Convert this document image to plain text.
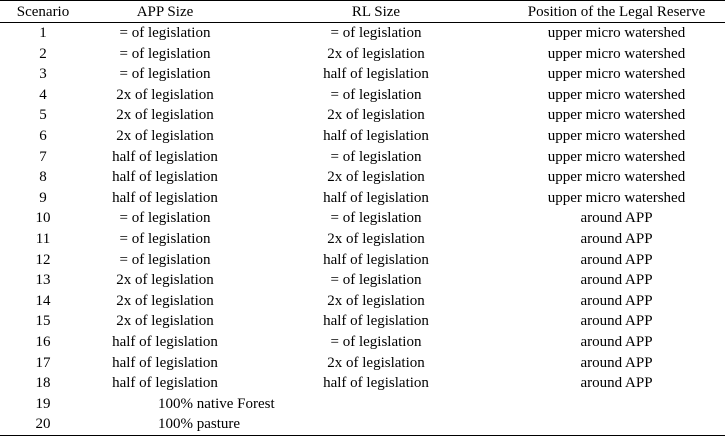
Scenario	APP Size	RL Size	Position of the Legal Reserve
1	= of legislation	= of legislation	upper micro watershed
2	= of legislation	2x of legislation	upper micro watershed
3	= of legislation	half of legislation	upper micro watershed
4	2x of legislation	= of legislation	upper micro watershed
5	2x of legislation	2x of legislation	upper micro watershed
6	2x of legislation	half of legislation	upper micro watershed
7	half of legislation	= of legislation	upper micro watershed
8	half of legislation	2x of legislation	upper micro watershed
9	half of legislation	half of legislation	upper micro watershed
10	= of legislation	= of legislation	around APP
11	= of legislation	2x of legislation	around APP
12	= of legislation	half of legislation	around APP
13	2x of legislation	= of legislation	around APP
14	2x of legislation	2x of legislation	around APP
15	2x of legislation	half of legislation	around APP
16	half of legislation	= of legislation	around APP
17	half of legislation	2x of legislation	around APP
18	half of legislation	half of legislation	around APP
19	100% native Forest		
20	100% pasture		
